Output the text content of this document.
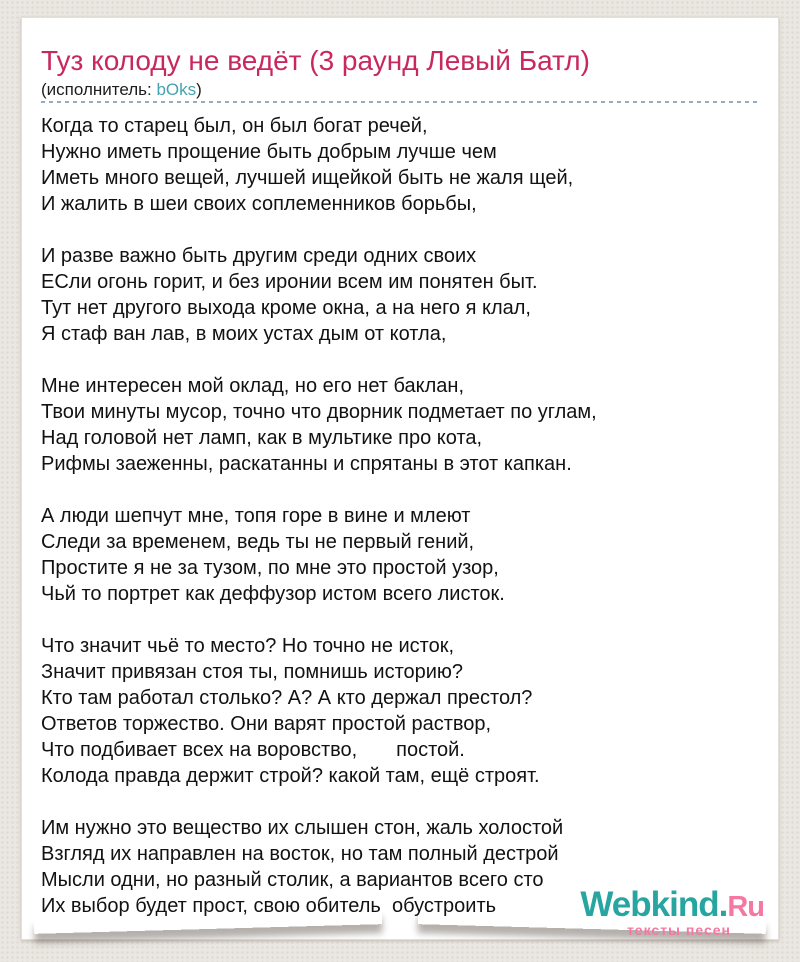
Туз колоду не ведёт (3 раунд Левый Батл)
(исполнитель: bOks)

Когда то старец был, он был богат речей,
Нужно иметь прощение быть добрым лучше чем
Иметь много вещей, лучшей ищейкой быть не жаля щей,
И жалить в шеи своих соплеменников борьбы,

И разве важно быть другим среди одних своих
ЕСли огонь горит, и без иронии всем им понятен быт.
Тут нет другого выхода кроме окна, а на него я клал,
Я стаф ван лав, в моих устах дым от котла,

Мне интересен мой оклад, но его нет баклан,
Твои минуты мусор, точно что дворник подметает по углам,
Над головой нет ламп, как в мультике про кота,
Рифмы заеженны, раскатанны и спрятаны в этот капкан.

А люди шепчут мне, топя горе в вине и млеют
Следи за временем, ведь ты не первый гений,
Простите я не за тузом, по мне это простой узор,
Чьй то портрет как деффузор истом всего листок.

Что значит чьё то место? Но точно не исток,
Значит привязан стоя ты, помнишь историю?
Кто там работал столько? А? А кто держал престол?
Ответов торжество. Они варят простой раствор,
Что подбивает всех на воровство,       постой.
Колода правда держит строй? какой там, ещё строят.

Им нужно это вещество их слышен стон, жаль холостой
Взгляд их направлен на восток, но там полный дестрой
Мысли одни, но разный столик, а вариантов всего сто
Их выбор будет прост, свою обитель  обустроить	Webkind.Ru
тексты песен
